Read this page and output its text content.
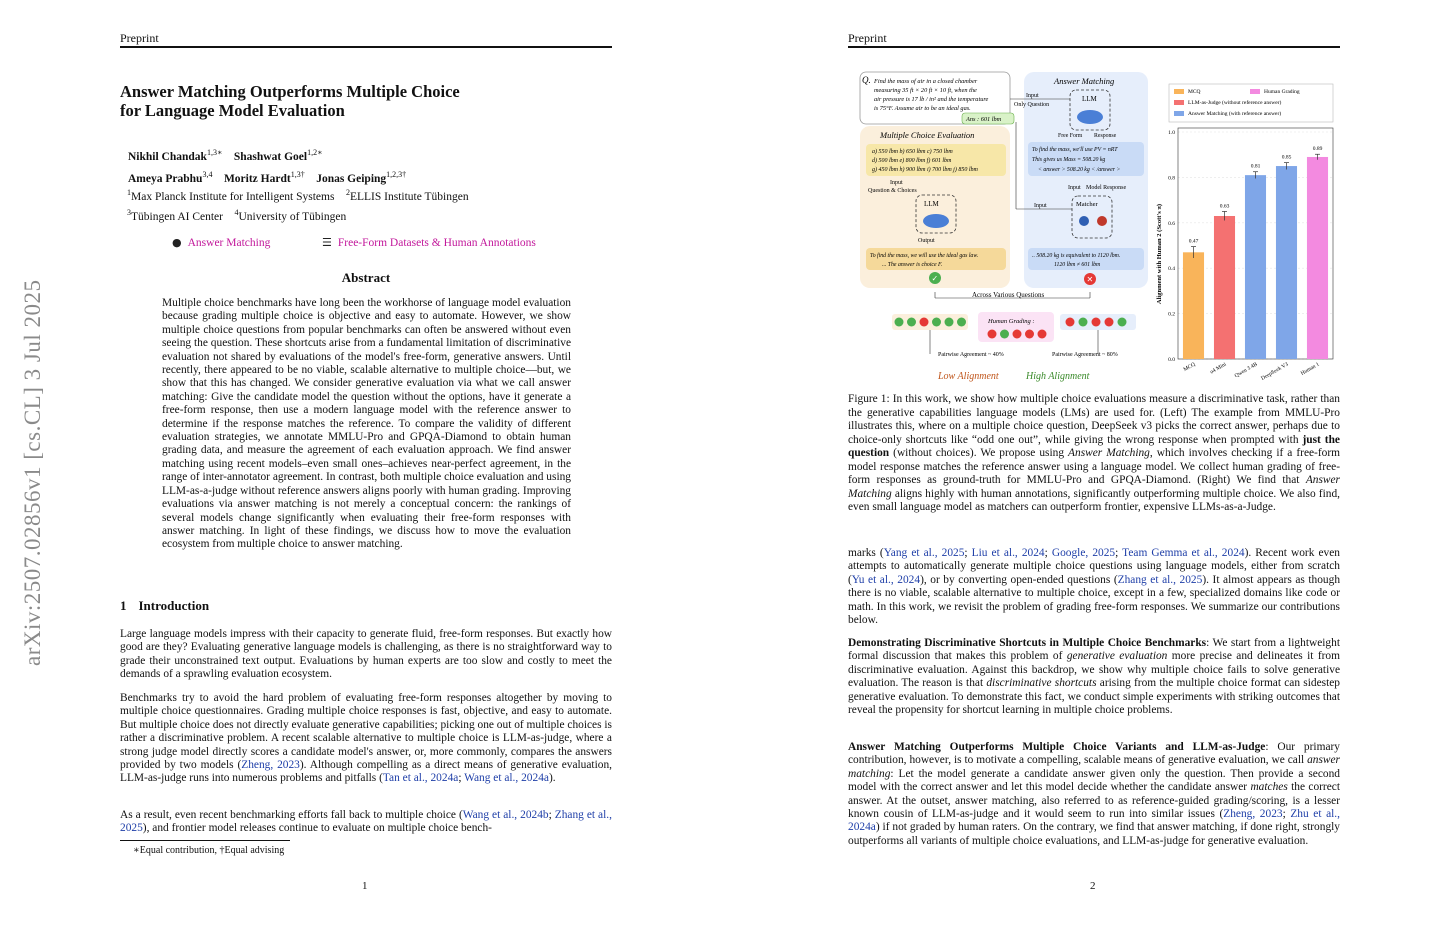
Preprint
arXiv:2507.02856v1 [cs.CL] 3 Jul 2025
Answer Matching Outperforms Multiple Choice
for Language Model Evaluation
Nikhil Chandak$^{1,3∗}$ Shashwat Goel$^{1,2∗}$
Ameya Prabhu$^{3,4}$ Moritz Hardt$^{1,3\dagger}$ Jonas Geiping$^{1,2,3\dagger}$
$^1$Max Planck Institute for Intelligent Systems $^2$ELLIS Institute Tübingen
$^3$Tübingen AI Center $^4$University of Tübingen
● Answer Matching	☰ Free-Form Datasets & Human Annotations
Abstract

Multiple choice benchmarks have long been the workhorse of language model evaluation because grading multiple choice is objective and easy to automate. However, we show multiple choice questions from popular benchmarks can often be answered without even seeing the question. These shortcuts arise from a fundamental limitation of discriminative evaluation not shared by evaluations of the model's free-form, generative answers. Until recently, there appeared to be no viable, scalable alternative to multiple choice—but, we show that this has changed. We consider generative evaluation via what we call answer matching: Give the candidate model the question without the options, have it generate a free-form response, then use a modern language model with the reference answer to determine if the response matches the reference. To compare the validity of different evaluation strategies, we annotate MMLU-Pro and GPQA-Diamond to obtain human grading data, and measure the agreement of each evaluation approach. We find answer matching using recent models–even small ones–achieves near-perfect agreement, in the range of inter-annotator agreement. In contrast, both multiple choice evaluation and using LLM-as-a-judge without reference answers aligns poorly with human grading. Improving evaluations via answer matching is not merely a conceptual concern: the rankings of several models change significantly when evaluating their free-form responses with answer matching. In light of these findings, we discuss how to move the evaluation ecosystem from multiple choice to answer matching.

1 Introduction

Large language models impress with their capacity to generate fluid, free-form responses. But exactly how good are they? Evaluating generative language models is challenging, as there is no straightforward way to grade their unconstrained text output. Evaluations by human experts are too slow and costly to meet the demands of a sprawling evaluation ecosystem.

Benchmarks try to avoid the hard problem of evaluating free-form responses altogether by moving to multiple choice questionnaires. Grading multiple choice responses is fast, objective, and easy to automate. But multiple choice does not directly evaluate generative capabilities; picking one out of multiple choices is rather a discriminative problem. A recent scalable alternative to multiple choice is LLM-as-judge, where a strong judge model directly scores a candidate model's answer, or, more commonly, compares the answers provided by two models (Zheng, 2023). Although compelling as a direct means of generative evaluation, LLM-as-judge runs into numerous problems and pitfalls (Tan et al., 2024a; Wang et al., 2024a).

As a result, even recent benchmarking efforts fall back to multiple choice (Wang et al., 2024b; Zhang et al., 2025), and frontier model releases continue to evaluate on multiple choice bench-

∗Equal contribution, †Equal advising
1
Preprint
Q. Find the mass of air in a closed chamber
measuring 35 ft × 20 ft × 10 ft, when the
air pressure is 17 lb / in² and the temperature
is 75°F. Assume air to be an ideal gas.
Ans : 601 lbm
Multiple Choice Evaluation
a) 550 lbm b) 650 lbm c) 750 lbm
d) 500 lbm e) 800 lbm f) 601 lbm
g) 450 lbm h) 900 lbm i) 700 lbm j) 850 lbm
Input
Question & Choices
LLM
Output
To find the mass, we will use the ideal gas law.
... The answer is choice F.
✓
Answer Matching
Input
Only Question
LLM
Free Form Response
To find the mass, we'll use PV = nRT
This gives us Mass = 508.20 kg
< answer > 508.20 kg < /answer >
Input Model Response
Input	Matcher
.. 508.20 kg is equivalent to 1120 lbm.
1120 lbm ≠ 601 lbm
✕
Across Various Questions
Human Grading :
Pairwise Agreement ~ 40%	Pairwise Agreement ~ 80%
Low Alignment	High Alignment
MCQ	Human Grading
LLM-as-Judge (without reference answer)
Answer Matching (with reference answer)
0.0
0.2
0.4
0.6
0.8
1.0
0.47
MCQ
0.63
o4 Mini
0.81
Qwen 3 4B
0.85
DeepSeek V3
0.89
Human 1
Alignment with Human 2 (Scott's π)

Figure 1: In this work, we show how multiple choice evaluations measure a discriminative task, rather than the generative capabilities language models (LMs) are used for. (Left) The example from MMLU-Pro illustrates this, where on a multiple choice question, DeepSeek v3 picks the correct answer, perhaps due to choice-only shortcuts like “odd one out”, while giving the wrong response when prompted with just the question (without choices). We propose using Answer Matching, which involves checking if a free-form model response matches the reference answer using a language model. We collect human grading of free-form responses as ground-truth for MMLU-Pro and GPQA-Diamond. (Right) We find that Answer Matching aligns highly with human annotations, significantly outperforming multiple choice. We also find, even small language model as matchers can outperform frontier, expensive LLMs-as-a-Judge.

marks (Yang et al., 2025; Liu et al., 2024; Google, 2025; Team Gemma et al., 2024). Recent work even attempts to automatically generate multiple choice questions using language models, either from scratch (Yu et al., 2024), or by converting open-ended questions (Zhang et al., 2025). It almost appears as though there is no viable, scalable alternative to multiple choice, except in a few, specialized domains like code or math. In this work, we revisit the problem of grading free-form responses. We summarize our contributions below.

Demonstrating Discriminative Shortcuts in Multiple Choice Benchmarks: We start from a lightweight formal discussion that makes this problem of generative evaluation more precise and delineates it from discriminative evaluation. Against this backdrop, we show why multiple choice fails to solve generative evaluation. The reason is that discriminative shortcuts arising from the multiple choice format can sidestep generative evaluation. To demonstrate this fact, we conduct simple experiments with striking outcomes that reveal the propensity for shortcut learning in multiple choice problems.

Answer Matching Outperforms Multiple Choice Variants and LLM-as-Judge: Our primary contribution, however, is to motivate a compelling, scalable means of generative evaluation, we call answer matching: Let the model generate a candidate answer given only the question. Then provide a second model with the correct answer and let this model decide whether the candidate answer matches the correct answer. At the outset, answer matching, also referred to as reference-guided grading/scoring, is a lesser known cousin of LLM-as-judge and it would seem to run into similar issues (Zheng, 2023; Zhu et al., 2024a) if not graded by human raters. On the contrary, we find that answer matching, if done right, strongly outperforms all variants of multiple choice evaluations, and LLM-as-judge for generative evaluation.

2
